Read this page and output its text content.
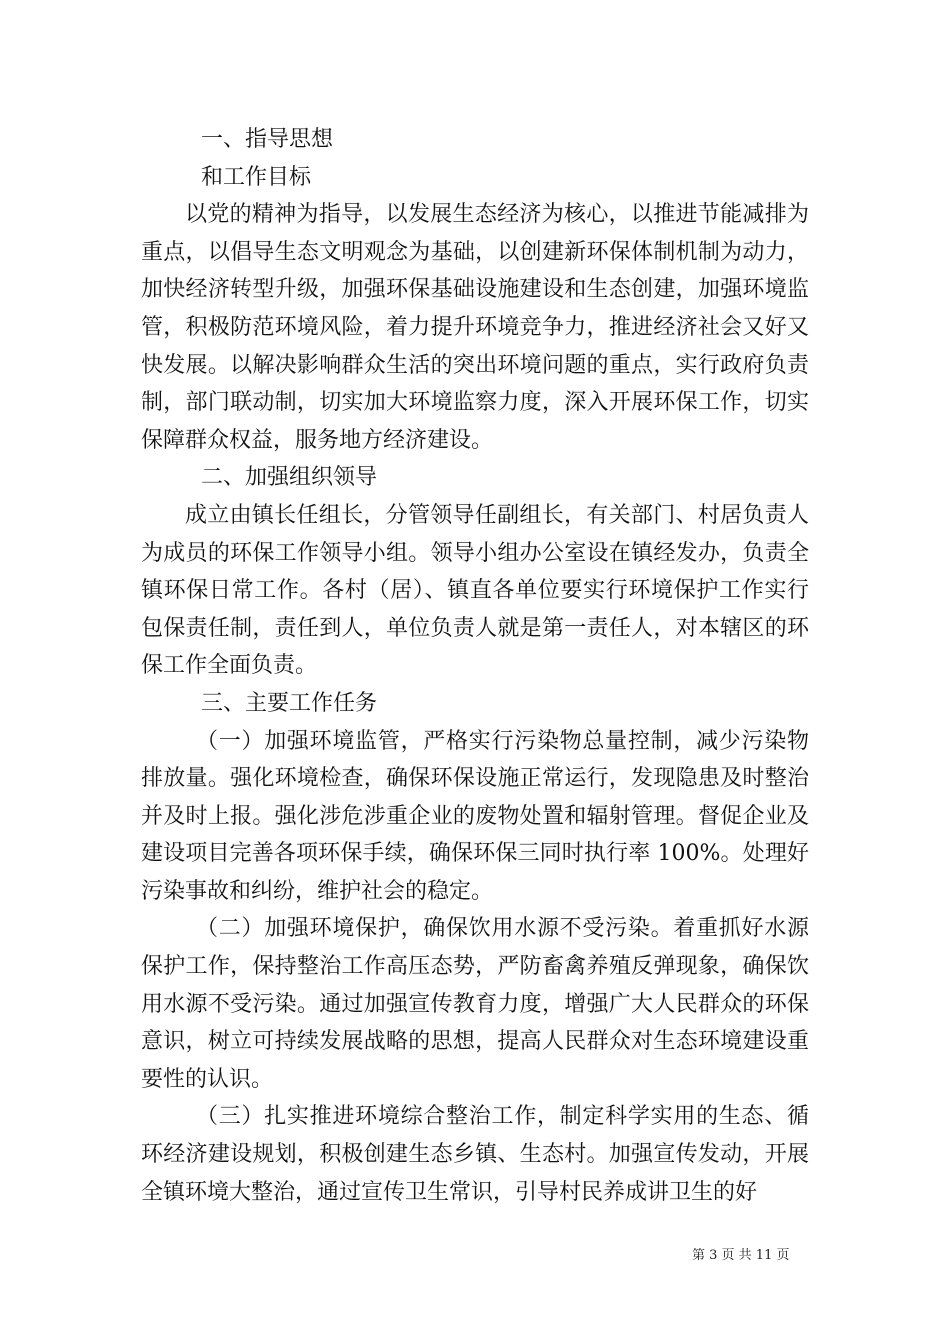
一、指导思想

和工作目标

以党的精神为指导，以发展生态经济为核心，以推进节能减排为重点，以倡导生态文明观念为基础，以创建新环保体制机制为动力，加快经济转型升级，加强环保基础设施建设和生态创建，加强环境监管，积极防范环境风险，着力提升环境竞争力，推进经济社会又好又快发展。以解决影响群众生活的突出环境问题的重点，实行政府负责制，部门联动制，切实加大环境监察力度，深入开展环保工作，切实保障群众权益，服务地方经济建设。

二、加强组织领导

成立由镇长任组长，分管领导任副组长，有关部门、村居负责人为成员的环保工作领导小组。领导小组办公室设在镇经发办，负责全镇环保日常工作。各村（居）、镇直各单位要实行环境保护工作实行包保责任制，责任到人，单位负责人就是第一责任人，对本辖区的环保工作全面负责。

三、主要工作任务

（一）加强环境监管，严格实行污染物总量控制，减少污染物排放量。强化环境检查，确保环保设施正常运行，发现隐患及时整治并及时上报。强化涉危涉重企业的废物处置和辐射管理。督促企业及建设项目完善各项环保手续，确保环保三同时执行率 100%。处理好污染事故和纠纷，维护社会的稳定。

（二）加强环境保护，确保饮用水源不受污染。着重抓好水源保护工作，保持整治工作高压态势，严防畜禽养殖反弹现象，确保饮用水源不受污染。通过加强宣传教育力度，增强广大人民群众的环保意识，树立可持续发展战略的思想，提高人民群众对生态环境建设重要性的认识。

（三）扎实推进环境综合整治工作，制定科学实用的生态、循环经济建设规划，积极创建生态乡镇、生态村。加强宣传发动，开展全镇环境大整治，通过宣传卫生常识，引导村民养成讲卫生的好

第 3 页 共 11 页
